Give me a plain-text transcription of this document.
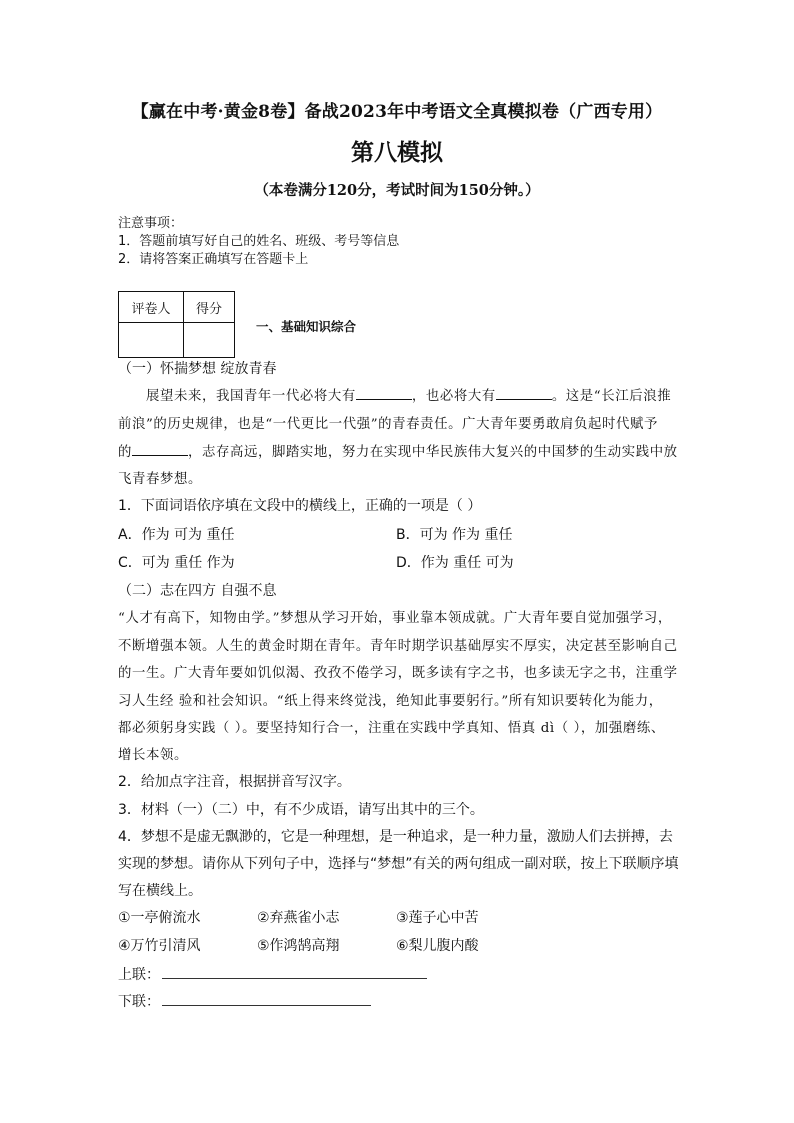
【赢在中考·黄金8卷】备战2023年中考语文全真模拟卷（广西专用）
第八模拟
（本卷满分120分，考试时间为150分钟。）
注意事项：
1．答题前填写好自己的姓名、班级、考号等信息
2．请将答案正确填写在答题卡上
评卷人	得分

一、基础知识综合
（一）怀揣梦想 绽放青春
展望未来，我国青年一代必将大有	，也必将大有	。这是“长江后浪推
前浪”的历史规律，也是“一代更比一代强”的青春责任。广大青年要勇敢肩负起时代赋予
的	，志存高远，脚踏实地，努力在实现中华民族伟大复兴的中国梦的生动实践中放
飞青春梦想。
1．下面词语依序填在文段中的横线上，正确的一项是（ ）
A．作为 可为 重任	B．可为 作为 重任
C．可为 重任 作为	D．作为 重任 可为
（二）志在四方 自强不息
“人才有高下，知物由学。”梦想从学习开始，事业靠本领成就。广大青年要自觉加强学习，
不断增强本领。人生的黄金时期在青年。青年时期学识基础厚实不厚实，决定甚至影响自己
的一生。广大青年要如饥似渴、孜孜不倦学习，既多读有字之书，也多读无字之书，注重学
习人生经 验和社会知识。“纸上得来终觉浅，绝知此事要躬行。”所有知识要转化为能力，
都必须躬身实践（ ）。要坚持知行合一，注重在实践中学真知、悟真 dì（ ），加强磨练、
增长本领。
2．给加点字注音，根据拼音写汉字。
3．材料（一）（二）中，有不少成语，请写出其中的三个。
4．梦想不是虚无飘渺的，它是一种理想，是一种追求，是一种力量，激励人们去拼搏，去
实现的梦想。请你从下列句子中，选择与“梦想”有关的两句组成一副对联，按上下联顺序填
写在横线上。
①一亭俯流水	②弃燕雀小志	③莲子心中苦
④万竹引清风	⑤作鸿鹄高翔	⑥梨儿腹内酸
上联：
下联：
